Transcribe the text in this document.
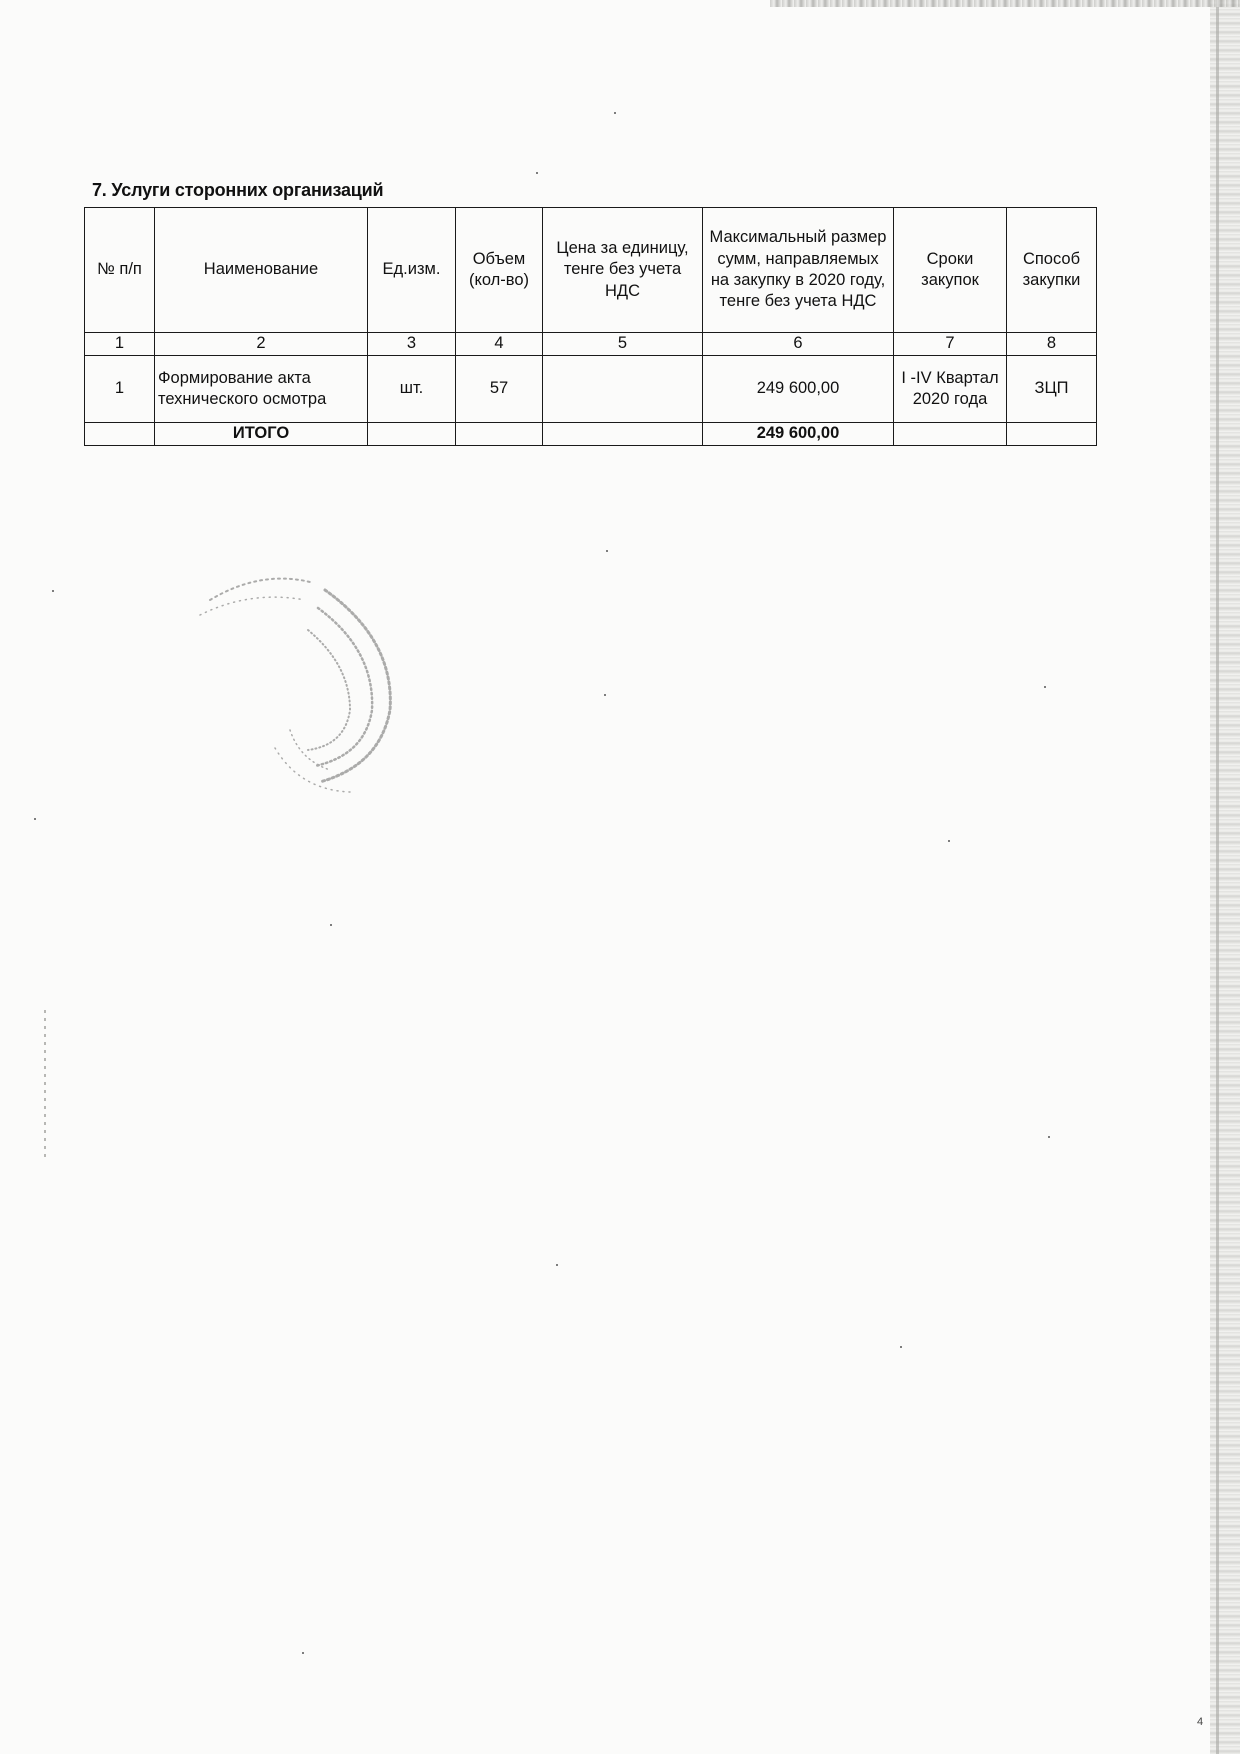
7. Услуги сторонних организаций
№ п/п	Наименование	Ед.изм.	Объем (кол-во)	Цена за единицу, тенге без учета НДС	Максимальный размер сумм, направляемых на закупку в 2020 году, тенге без учета НДС	Сроки закупок	Способ закупки
1	2	3	4	5	6	7	8
1	Формирование акта технического осмотра	шт.	57		249 600,00	I -IV Квартал 2020 года	ЗЦП
	ИТОГО				249 600,00		
4
